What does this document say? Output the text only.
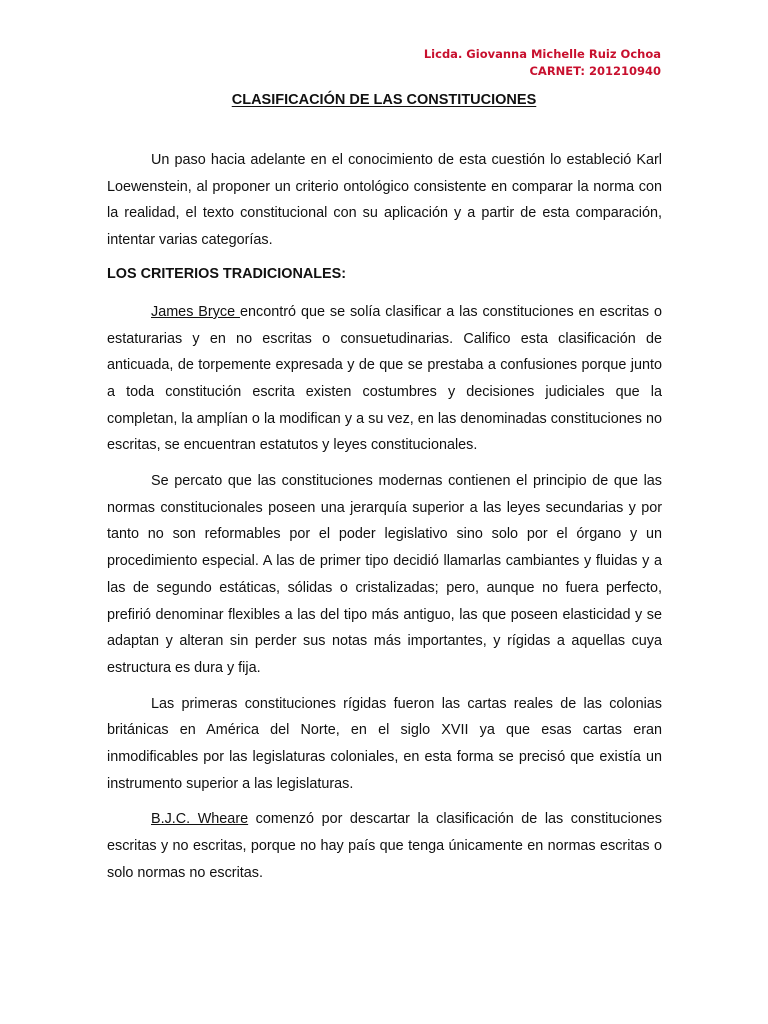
Licda. Giovanna Michelle Ruiz Ochoa
CARNET: 201210940
CLASIFICACIÓN DE LAS CONSTITUCIONES

Un paso hacia adelante en el conocimiento de esta cuestión lo estableció Karl Loewenstein, al proponer un criterio ontológico consistente en comparar la norma con la realidad, el texto constitucional con su aplicación y a partir de esta comparación, intentar varias categorías.

LOS CRITERIOS TRADICIONALES:

James Bryce encontró que se solía clasificar a las constituciones en escritas o estaturarias y en no escritas o consuetudinarias. Califico esta clasificación de anticuada, de torpemente expresada y de que se prestaba a confusiones porque junto a toda constitución escrita existen costumbres y decisiones judiciales que la completan, la amplían o la modifican y a su vez, en las denominadas constituciones no escritas, se encuentran estatutos y leyes constitucionales.

Se percato que las constituciones modernas contienen el principio de que las normas constitucionales poseen una jerarquía superior a las leyes secundarias y por tanto no son reformables por el poder legislativo sino solo por el órgano y un procedimiento especial. A las de primer tipo decidió llamarlas cambiantes y fluidas y a las de segundo estáticas, sólidas o cristalizadas; pero, aunque no fuera perfecto, prefirió denominar flexibles a las del tipo más antiguo, las que poseen elasticidad y se adaptan y alteran sin perder sus notas más importantes, y rígidas a aquellas cuya estructura es dura y fija.

Las primeras constituciones rígidas fueron las cartas reales de las colonias británicas en América del Norte, en el siglo XVII ya que esas cartas eran inmodificables por las legislaturas coloniales, en esta forma se precisó que existía un instrumento superior a las legislaturas.

B.J.C. Wheare comenzó por descartar la clasificación de las constituciones escritas y no escritas, porque no hay país que tenga únicamente en normas escritas o solo normas no escritas.
